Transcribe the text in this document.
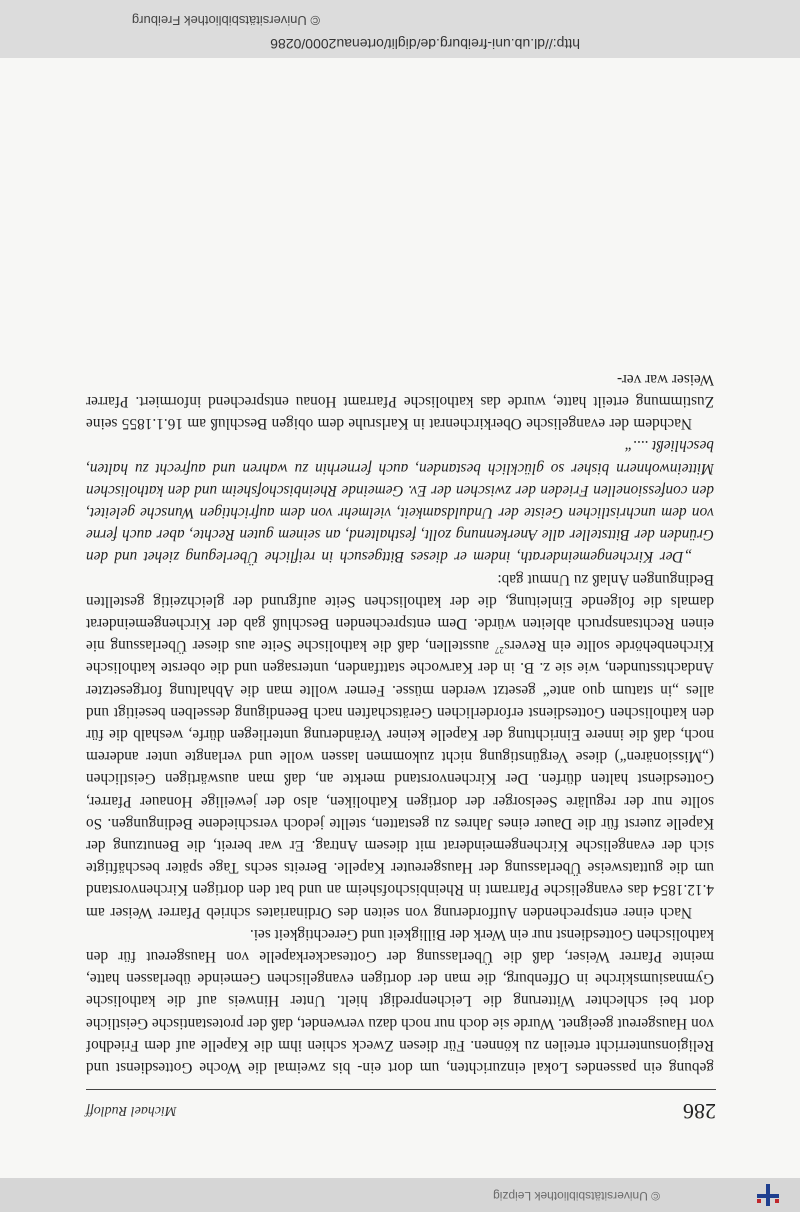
© Universitätsbibliothek Leipzig
286
Michael Rudloff

gebung ein passendes Lokal einzurichten, um dort ein- bis zweimal die Woche Gottesdienst und Religionsunterricht erteilen zu können. Für diesen Zweck schien ihm die Kapelle auf dem Friedhof von Hausgereut geeignet. Wurde sie doch nur noch dazu verwendet, daß der protestantische Geistliche dort bei schlechter Witterung die Leichenpredigt hielt. Unter Hinweis auf die katholische Gymnasiumskirche in Offenburg, die man der dortigen evangelischen Gemeinde überlassen hatte, meinte Pfarrer Weiser, daß die Überlassung der Gottesackerkapelle von Hausgereut für den katholischen Gottesdienst nur ein Werk der Billigkeit und Gerechtigkeit sei.

Nach einer entsprechenden Aufforderung von seiten des Ordinariates schrieb Pfarrer Weiser am 4.12.1854 das evangelische Pfarramt in Rheinbischofsheim an und bat den dortigen Kirchenvorstand um die guttatsweise Überlassung der Hausgereuter Kapelle. Bereits sechs Tage später beschäftigte sich der evangelische Kirchengemeinderat mit diesem Antrag. Er war bereit, die Benutzung der Kapelle zuerst für die Dauer eines Jahres zu gestatten, stellte jedoch verschiedene Bedingungen. So sollte nur der reguläre Seelsorger der dortigen Katholiken, also der jeweilige Honauer Pfarrer, Gottesdienst halten dürfen. Der Kirchenvorstand merkte an, daß man auswärtigen Geistlichen („Missionären“) diese Vergünstigung nicht zukommen lassen wolle und verlangte unter anderem noch, daß die innere Einrichtung der Kapelle keiner Veränderung unterliegen dürfe, weshalb die für den katholischen Gottesdienst erforderlichen Gerätschaften nach Beendigung desselben beseitigt und alles „in statum quo ante“ gesetzt werden müsse. Ferner wollte man die Abhaltung fortgesetzter Andachtsstunden, wie sie z. B. in der Karwoche stattfanden, untersagen und die oberste katholische Kirchenbehörde sollte ein Revers$^{27}$ ausstellen, daß die katholische Seite aus dieser Überlassung nie einen Rechtsanspruch ableiten würde. Dem entsprechenden Beschluß gab der Kirchengemeinderat damals die folgende Einleitung, die der katholischen Seite aufgrund der gleichzeitig gestellten Bedingungen Anlaß zu Unmut gab:

„Der Kirchengemeinderath, indem er dieses Bittgesuch in reifliche Überlegung ziehet und den Gründen der Bittsteller alle Anerkennung zollt, festhaltend, an seinem guten Rechte, aber auch ferne von dem unchristlichen Geiste der Unduldsamkeit, vielmehr von dem aufrichtigen Wunsche geleitet, den confessionellen Frieden der zwischen der Ev. Gemeinde Rheinbischofsheim und den katholischen Mitteinwohnern bisher so glücklich bestanden, auch fernerhin zu wahren und aufrecht zu halten, beschließt ....“

Nachdem der evangelische Oberkirchenrat in Karlsruhe dem obigen Beschluß am 16.1.1855 seine Zustimmung erteilt hatte, wurde das katholische Pfarramt Honau entsprechend informiert. Pfarrer Weiser war ver-

http://dl.ub.uni-freiburg.de/diglit/ortenau2000/0286
© Universitätsbibliothek Freiburg
